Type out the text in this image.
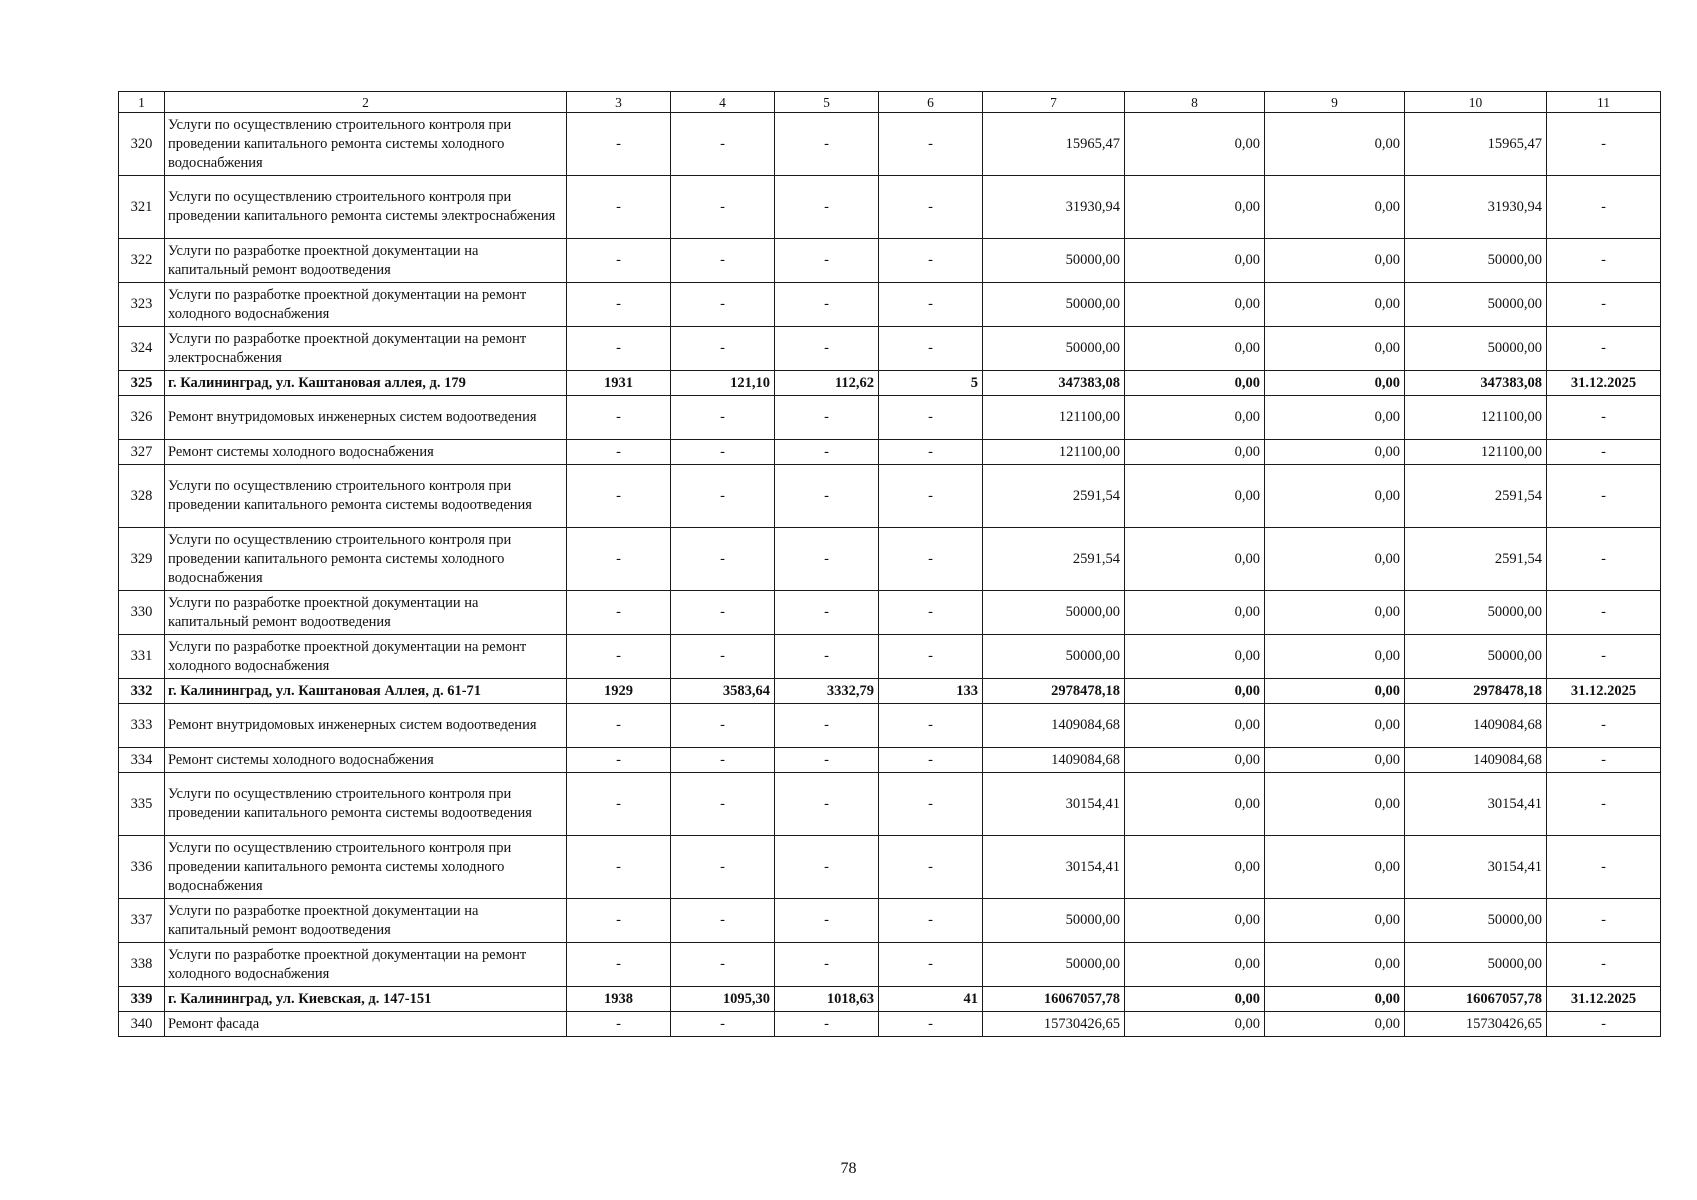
1	2	3	4	5	6	7	8	9	10	11
320	Услуги по осуществлению строительного контроля при проведении капитального ремонта системы холодного водоснабжения	-	-	-	-	15965,47	0,00	0,00	15965,47	-
321	Услуги по осуществлению строительного контроля при проведении капитального ремонта системы электроснабжения	-	-	-	-	31930,94	0,00	0,00	31930,94	-
322	Услуги по разработке проектной документации на капитальный ремонт водоотведения	-	-	-	-	50000,00	0,00	0,00	50000,00	-
323	Услуги по разработке проектной документации на ремонт холодного водоснабжения	-	-	-	-	50000,00	0,00	0,00	50000,00	-
324	Услуги по разработке проектной документации на ремонт электроснабжения	-	-	-	-	50000,00	0,00	0,00	50000,00	-
325	г. Калининград, ул. Каштановая аллея, д. 179	1931	121,10	112,62	5	347383,08	0,00	0,00	347383,08	31.12.2025
326	Ремонт внутридомовых инженерных систем водоотведения	-	-	-	-	121100,00	0,00	0,00	121100,00	-
327	Ремонт системы холодного водоснабжения	-	-	-	-	121100,00	0,00	0,00	121100,00	-
328	Услуги по осуществлению строительного контроля при проведении капитального ремонта системы водоотведения	-	-	-	-	2591,54	0,00	0,00	2591,54	-
329	Услуги по осуществлению строительного контроля при проведении капитального ремонта системы холодного водоснабжения	-	-	-	-	2591,54	0,00	0,00	2591,54	-
330	Услуги по разработке проектной документации на капитальный ремонт водоотведения	-	-	-	-	50000,00	0,00	0,00	50000,00	-
331	Услуги по разработке проектной документации на ремонт холодного водоснабжения	-	-	-	-	50000,00	0,00	0,00	50000,00	-
332	г. Калининград, ул. Каштановая Аллея, д. 61-71	1929	3583,64	3332,79	133	2978478,18	0,00	0,00	2978478,18	31.12.2025
333	Ремонт внутридомовых инженерных систем водоотведения	-	-	-	-	1409084,68	0,00	0,00	1409084,68	-
334	Ремонт системы холодного водоснабжения	-	-	-	-	1409084,68	0,00	0,00	1409084,68	-
335	Услуги по осуществлению строительного контроля при проведении капитального ремонта системы водоотведения	-	-	-	-	30154,41	0,00	0,00	30154,41	-
336	Услуги по осуществлению строительного контроля при проведении капитального ремонта системы холодного водоснабжения	-	-	-	-	30154,41	0,00	0,00	30154,41	-
337	Услуги по разработке проектной документации на капитальный ремонт водоотведения	-	-	-	-	50000,00	0,00	0,00	50000,00	-
338	Услуги по разработке проектной документации на ремонт холодного водоснабжения	-	-	-	-	50000,00	0,00	0,00	50000,00	-
339	г. Калининград, ул. Киевская, д. 147-151	1938	1095,30	1018,63	41	16067057,78	0,00	0,00	16067057,78	31.12.2025
340	Ремонт фасада	-	-	-	-	15730426,65	0,00	0,00	15730426,65	-
78
